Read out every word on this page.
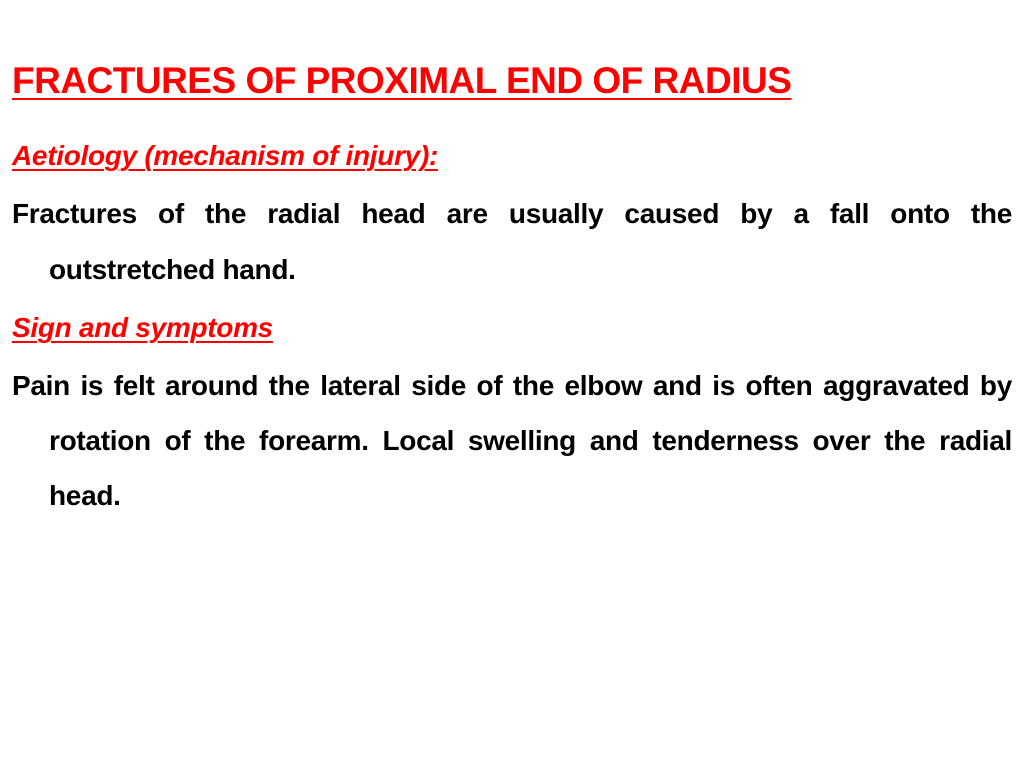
FRACTURES OF PROXIMAL END OF RADIUS
Aetiology (mechanism of injury):

Fractures of the radial head are usually caused by a fall onto the outstretched hand.

Sign and symptoms

Pain is felt around the lateral side of the elbow and is often aggravated by rotation of the forearm. Local swelling and tenderness over the radial head.
